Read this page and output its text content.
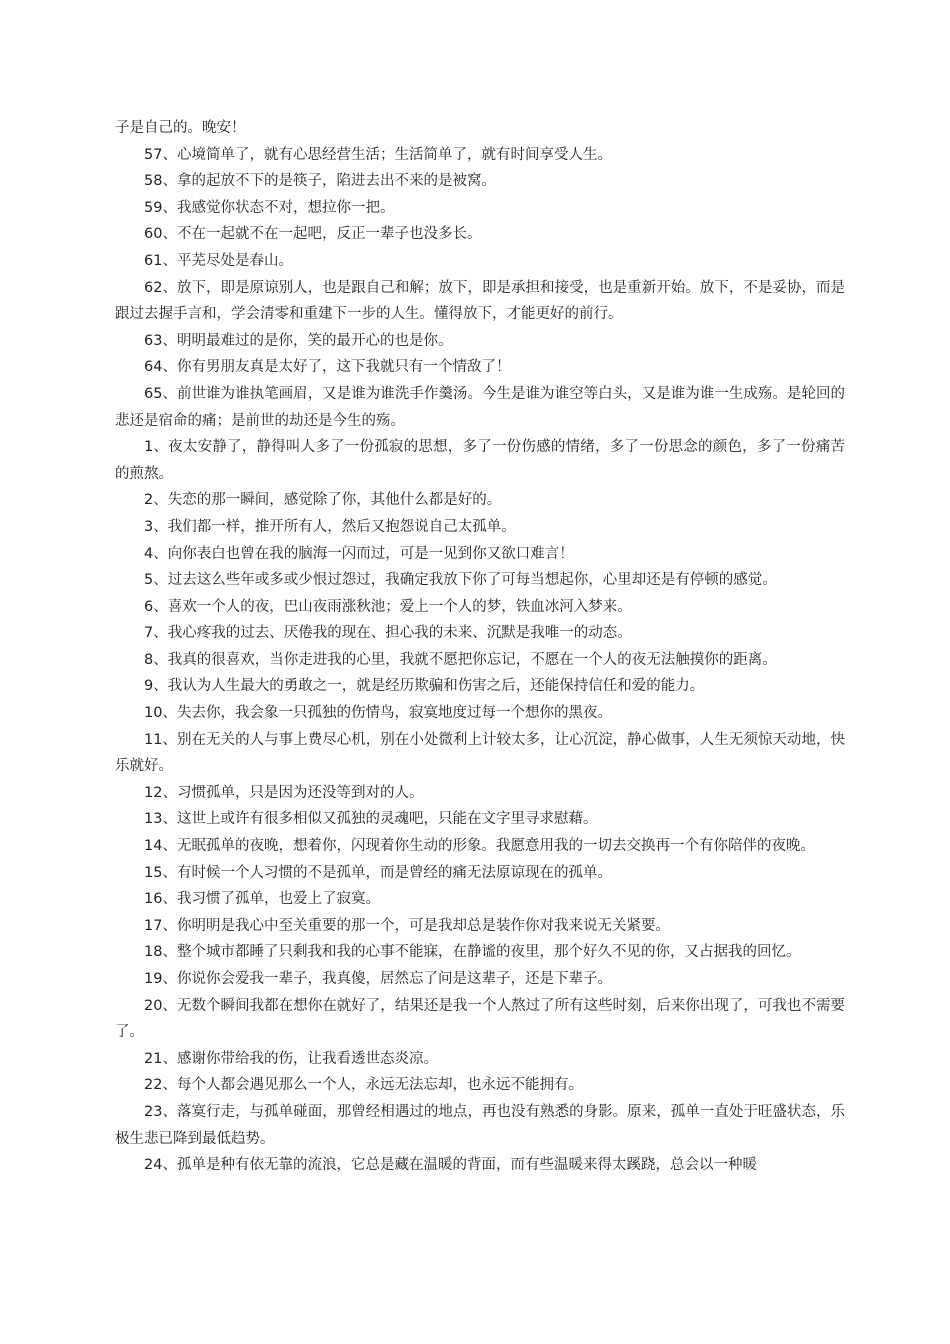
子是自己的。晚安！

57、心境简单了，就有心思经营生活；生活简单了，就有时间享受人生。

58、拿的起放不下的是筷子，陷进去出不来的是被窝。

59、我感觉你状态不对，想拉你一把。

60、不在一起就不在一起吧，反正一辈子也没多长。

61、平芜尽处是春山。

62、放下，即是原谅别人，也是跟自己和解；放下，即是承担和接受，也是重新开始。放下，不是妥协，而是跟过去握手言和，学会清零和重建下一步的人生。懂得放下，才能更好的前行。

63、明明最难过的是你，笑的最开心的也是你。

64、你有男朋友真是太好了，这下我就只有一个情敌了！

65、前世谁为谁执笔画眉，又是谁为谁洗手作羹汤。今生是谁为谁空等白头，又是谁为谁一生成殇。是轮回的悲还是宿命的痛；是前世的劫还是今生的殇。

1、夜太安静了，静得叫人多了一份孤寂的思想，多了一份伤感的情绪，多了一份思念的颜色，多了一份痛苦的煎熬。

2、失恋的那一瞬间，感觉除了你，其他什么都是好的。

3、我们都一样，推开所有人，然后又抱怨说自己太孤单。

4、向你表白也曾在我的脑海一闪而过，可是一见到你又欲口难言！

5、过去这么些年或多或少恨过怨过，我确定我放下你了可每当想起你，心里却还是有停顿的感觉。

6、喜欢一个人的夜，巴山夜雨涨秋池；爱上一个人的梦，铁血冰河入梦来。

7、我心疼我的过去、厌倦我的现在、担心我的未来、沉默是我唯一的动态。

8、我真的很喜欢，当你走进我的心里，我就不愿把你忘记，不愿在一个人的夜无法触摸你的距离。

9、我认为人生最大的勇敢之一，就是经历欺骗和伤害之后，还能保持信任和爱的能力。

10、失去你，我会象一只孤独的伤情鸟，寂寞地度过每一个想你的黑夜。

11、别在无关的人与事上费尽心机，别在小处微利上计较太多，让心沉淀，静心做事，人生无须惊天动地，快乐就好。

12、习惯孤单，只是因为还没等到对的人。

13、这世上或许有很多相似又孤独的灵魂吧，只能在文字里寻求慰藉。

14、无眠孤单的夜晚，想着你，闪现着你生动的形象。我愿意用我的一切去交换再一个有你陪伴的夜晚。

15、有时候一个人习惯的不是孤单，而是曾经的痛无法原谅现在的孤单。

16、我习惯了孤单，也爱上了寂寞。

17、你明明是我心中至关重要的那一个，可是我却总是装作你对我来说无关紧要。

18、整个城市都睡了只剩我和我的心事不能寐，在静谧的夜里，那个好久不见的你，又占据我的回忆。

19、你说你会爱我一辈子，我真傻，居然忘了问是这辈子，还是下辈子。

20、无数个瞬间我都在想你在就好了，结果还是我一个人熬过了所有这些时刻，后来你出现了，可我也不需要了。

21、感谢你带给我的伤，让我看透世态炎凉。

22、每个人都会遇见那么一个人，永远无法忘却，也永远不能拥有。

23、落寞行走，与孤单碰面，那曾经相遇过的地点，再也没有熟悉的身影。原来，孤单一直处于旺盛状态，乐极生悲已降到最低趋势。

24、孤单是种有依无靠的流浪，它总是藏在温暖的背面，而有些温暖来得太蹊跷，总会以一种暖
